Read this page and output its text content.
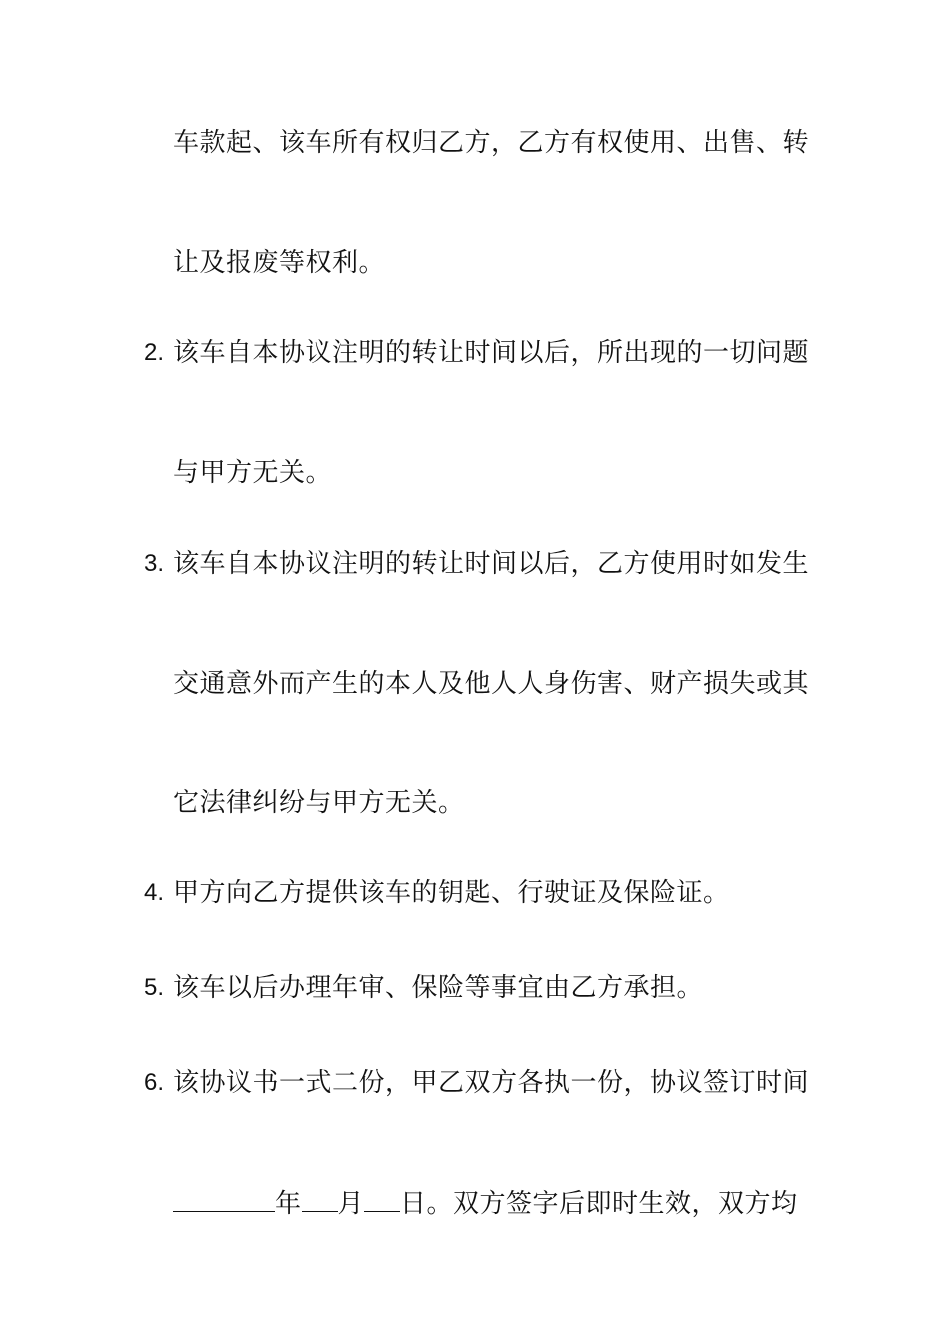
车款起、该车所有权归乙方，乙方有权使用、出售、转
让及报废等权利。
2. 该车自本协议注明的转让时间以后，所出现的一切问题
与甲方无关。
3. 该车自本协议注明的转让时间以后，乙方使用时如发生
交通意外而产生的本人及他人人身伤害、财产损失或其
它法律纠纷与甲方无关。
4. 甲方向乙方提供该车的钥匙、行驶证及保险证。
5. 该车以后办理年审、保险等事宜由乙方承担。
6. 该协议书一式二份，甲乙双方各执一份，协议签订时间
年 月 日。双方签字后即时生效，双方均
